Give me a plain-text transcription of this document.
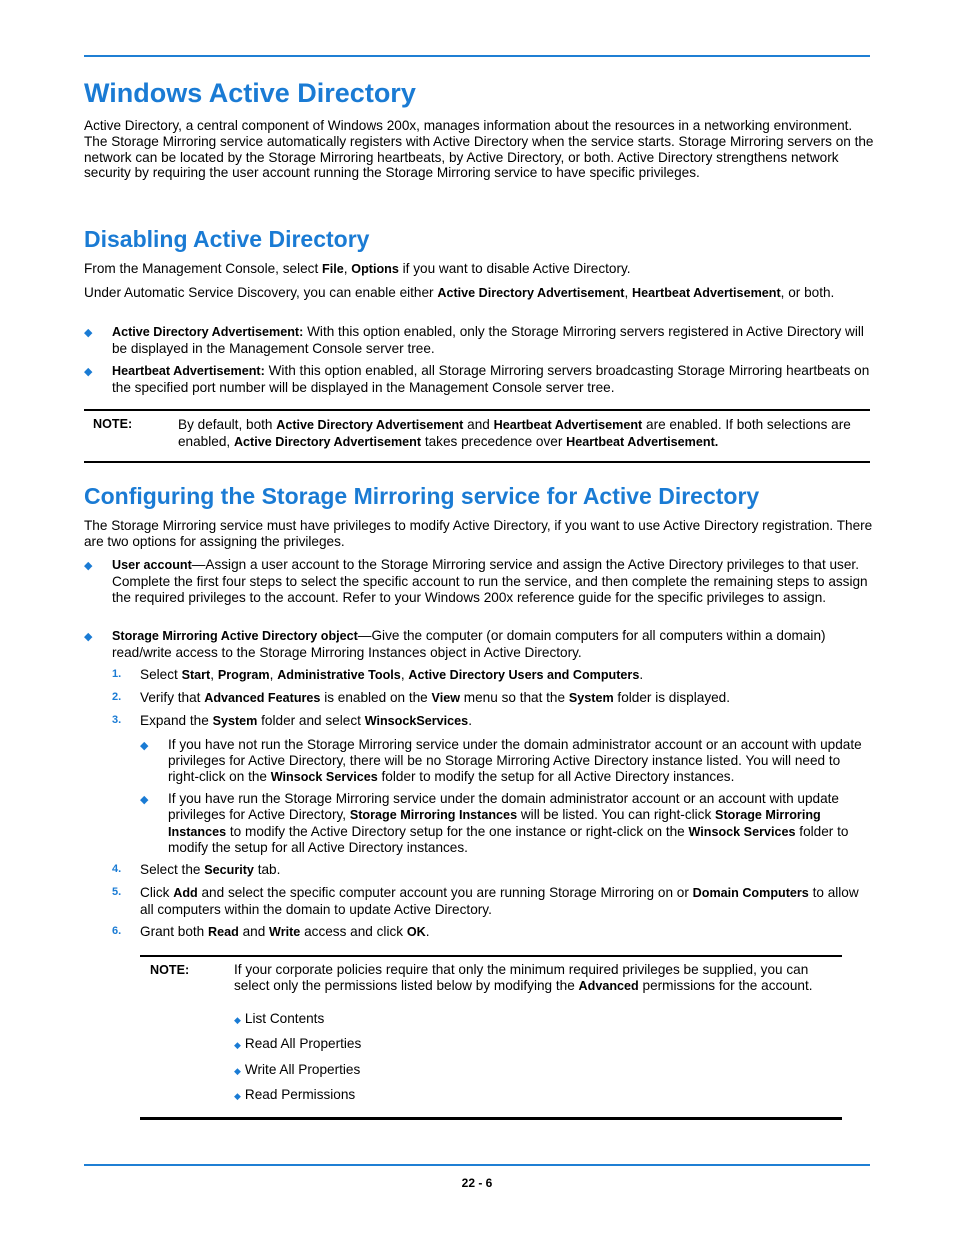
Windows Active Directory

Active Directory, a central component of Windows 200x, manages information about the resources in a networking environment. The Storage Mirroring service automatically registers with Active Directory when the service starts. Storage Mirroring servers on the network can be located by the Storage Mirroring heartbeats, by Active Directory, or both. Active Directory strengthens network security by requiring the user account running the Storage Mirroring service to have specific privileges.

Disabling Active Directory

From the Management Console, select File, Options if you want to disable Active Directory.

Under Automatic Service Discovery, you can enable either Active Directory Advertisement, Heartbeat Advertisement, or both.

◆ Active Directory Advertisement: With this option enabled, only the Storage Mirroring servers registered in Active Directory will be displayed in the Management Console server tree.
◆ Heartbeat Advertisement: With this option enabled, all Storage Mirroring servers broadcasting Storage Mirroring heartbeats on the specified port number will be displayed in the Management Console server tree.
NOTE:	By default, both Active Directory Advertisement and Heartbeat Advertisement are enabled. If both selections are enabled, Active Directory Advertisement takes precedence over Heartbeat Advertisement.
Configuring the Storage Mirroring service for Active Directory

The Storage Mirroring service must have privileges to modify Active Directory, if you want to use Active Directory registration. There are two options for assigning the privileges.

◆ User account—Assign a user account to the Storage Mirroring service and assign the Active Directory privileges to that user. Complete the first four steps to select the specific account to run the service, and then complete the remaining steps to assign the required privileges to the account. Refer to your Windows 200x reference guide for the specific privileges to assign.
◆ Storage Mirroring Active Directory object—Give the computer (or domain computers for all computers within a domain) read/write access to the Storage Mirroring Instances object in Active Directory.
1. Select Start, Program, Administrative Tools, Active Directory Users and Computers.
2. Verify that Advanced Features is enabled on the View menu so that the System folder is displayed.
3. Expand the System folder and select WinsockServices.
◆ If you have not run the Storage Mirroring service under the domain administrator account or an account with update privileges for Active Directory, there will be no Storage Mirroring Active Directory instance listed. You will need to right-click on the Winsock Services folder to modify the setup for all Active Directory instances.
◆ If you have run the Storage Mirroring service under the domain administrator account or an account with update privileges for Active Directory, Storage Mirroring Instances will be listed. You can right-click Storage Mirroring Instances to modify the Active Directory setup for the one instance or right-click on the Winsock Services folder to modify the setup for all Active Directory instances.
4. Select the Security tab.
5. Click Add and select the specific computer account you are running Storage Mirroring on or Domain Computers to allow all computers within the domain to update Active Directory.
6. Grant both Read and Write access and click OK.
NOTE:	If your corporate policies require that only the minimum required privileges be supplied, you can select only the permissions listed below by modifying the Advanced permissions for the account.
◆ List Contents
◆ Read All Properties
◆ Write All Properties
◆ Read Permissions
22 - 6
